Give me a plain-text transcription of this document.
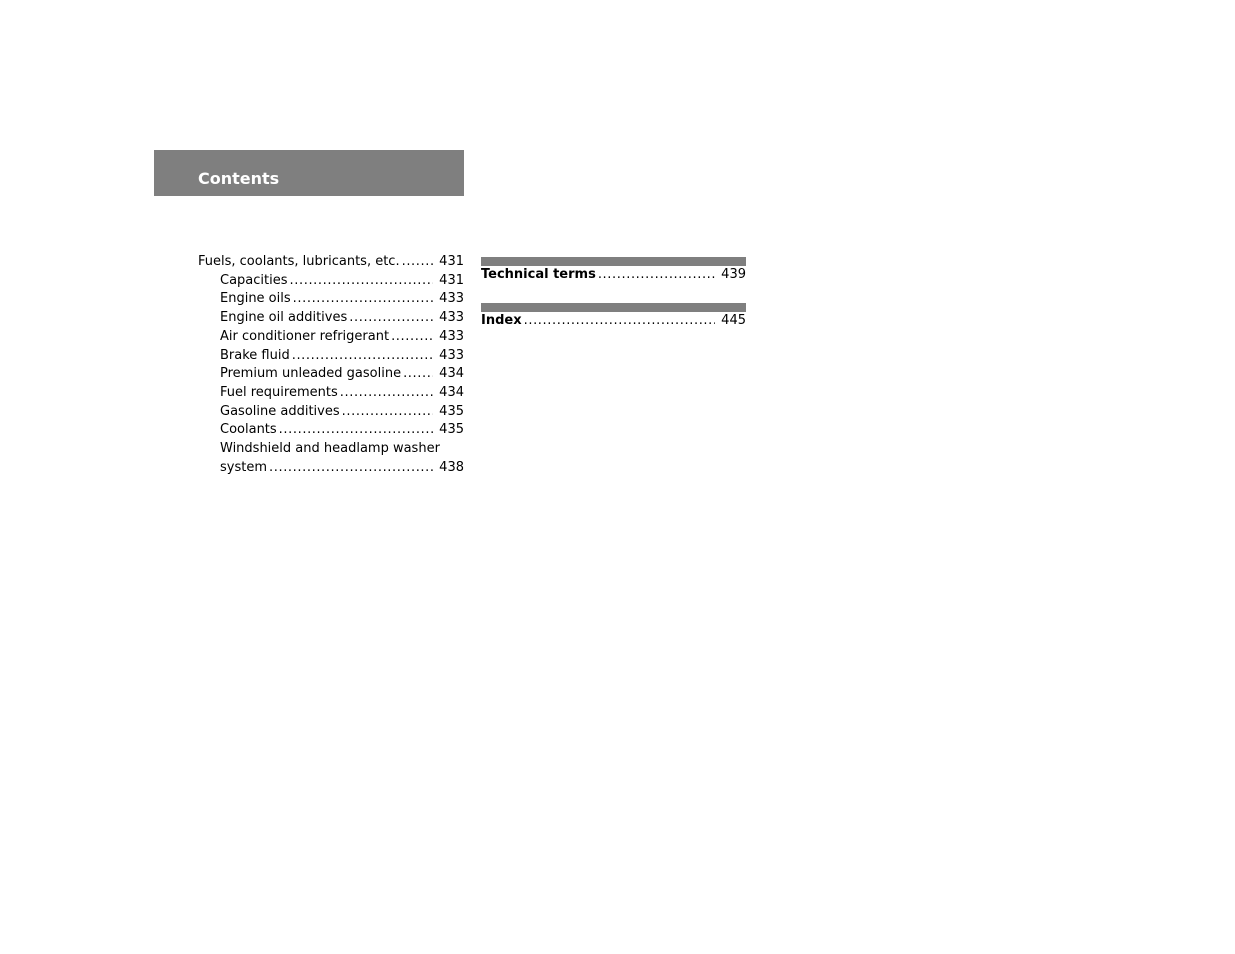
Contents
Fuels, coolants, lubricants, etc. .....	431
Capacities .....	431
Engine oils .....	433
Engine oil additives .....	433
Air conditioner refrigerant .....	433
Brake fluid .....	433
Premium unleaded gasoline .....	434
Fuel requirements .....	434
Gasoline additives .....	435
Coolants .....	435
Windshield and headlamp washer
system .....	438
Technical terms .....	439
Index .....	445
